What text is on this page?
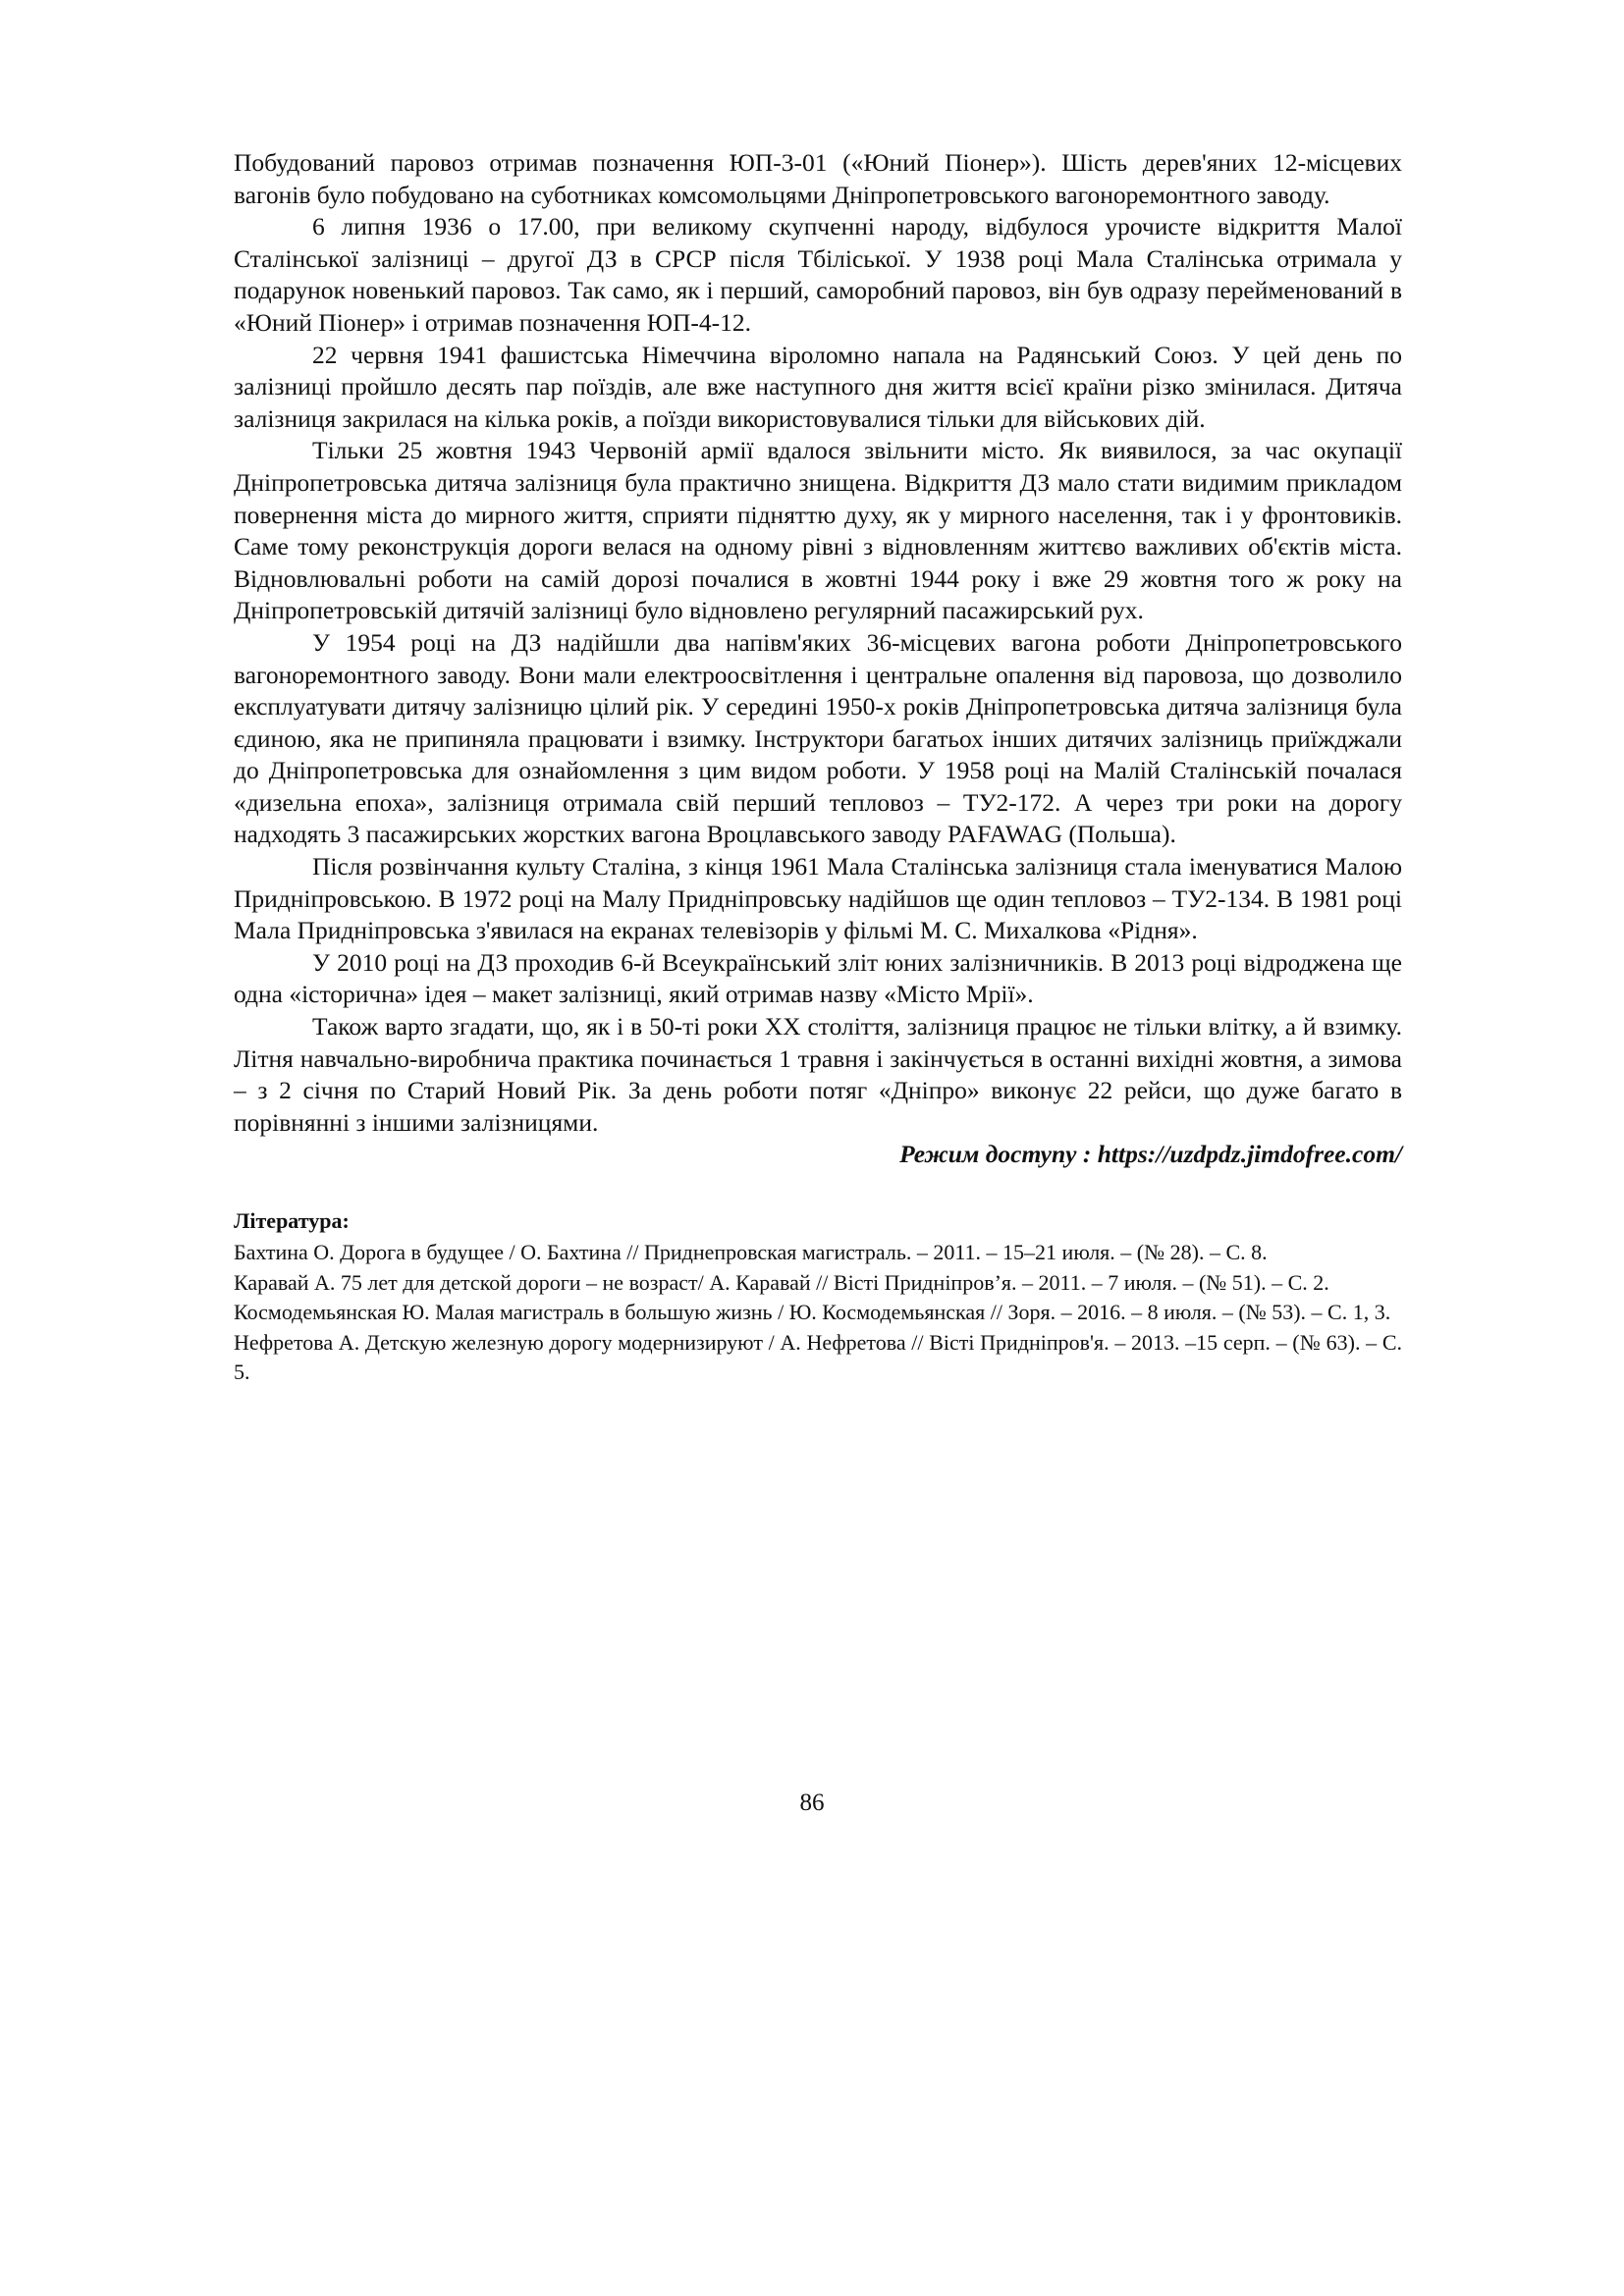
Побудований паровоз отримав позначення ЮП-3-01 («Юний Піонер»). Шість дерев'яних 12-місцевих вагонів було побудовано на суботниках комсомольцями Дніпропетровського вагоноремонтного заводу.

6 липня 1936 о 17.00, при великому скупченні народу, відбулося урочисте відкриття Малої Сталінської залізниці – другої ДЗ в СРСР після Тбіліської. У 1938 році Мала Сталінська отримала у подарунок новенький паровоз. Так само, як і перший, саморобний паровоз, він був одразу перейменований в «Юний Піонер» і отримав позначення ЮП-4-12.

22 червня 1941 фашистська Німеччина віроломно напала на Радянський Союз. У цей день по залізниці пройшло десять пар поїздів, але вже наступного дня життя всієї країни різко змінилася. Дитяча залізниця закрилася на кілька років, а поїзди використовувалися тільки для військових дій.

Тільки 25 жовтня 1943 Червоній армії вдалося звільнити місто. Як виявилося, за час окупації Дніпропетровська дитяча залізниця була практично знищена. Відкриття ДЗ мало стати видимим прикладом повернення міста до мирного життя, сприяти підняттю духу, як у мирного населення, так і у фронтовиків. Саме тому реконструкція дороги велася на одному рівні з відновленням життєво важливих об'єктів міста. Відновлювальні роботи на самій дорозі почалися в жовтні 1944 року і вже 29 жовтня того ж року на Дніпропетровській дитячій залізниці було відновлено регулярний пасажирський рух.

У 1954 році на ДЗ надійшли два напівм'яких 36-місцевих вагона роботи Дніпропетровського вагоноремонтного заводу. Вони мали електроосвітлення і центральне опалення від паровоза, що дозволило експлуатувати дитячу залізницю цілий рік. У середині 1950-х років Дніпропетровська дитяча залізниця була єдиною, яка не припиняла працювати і взимку. Інструктори багатьох інших дитячих залізниць приїжджали до Дніпропетровська для ознайомлення з цим видом роботи. У 1958 році на Малій Сталінській почалася «дизельна епоха», залізниця отримала свій перший тепловоз – ТУ2-172. А через три роки на дорогу надходять 3 пасажирських жорстких вагона Вроцлавського заводу PAFAWAG (Польша).

Після розвінчання культу Сталіна, з кінця 1961 Мала Сталінська залізниця стала іменуватися Малою Придніпровською. В 1972 році на Малу Придніпровську надійшов ще один тепловоз – ТУ2-134. В 1981 році Мала Придніпровська з'явилася на екранах телевізорів у фільмі М. С. Михалкова «Рідня».

У 2010 році на ДЗ проходив 6-й Всеукраїнський зліт юних залізничників. В 2013 році відроджена ще одна «історична» ідея – макет залізниці, який отримав назву «Місто Мрії».

Також варто згадати, що, як і в 50-ті роки ХХ століття, залізниця працює не тільки влітку, а й взимку. Літня навчально-виробнича практика починається 1 травня і закінчується в останні вихідні жовтня, а зимова – з 2 січня по Старий Новий Рік. За день роботи потяг «Дніпро» виконує 22 рейси, що дуже багато в порівнянні з іншими залізницями.

Режим доступу : https://uzdpdz.jimdofree.com/

Література:
Бахтина О. Дорога в будущее / О. Бахтина // Приднепровская магистраль. – 2011. – 15–21 июля. – (№ 28). – С. 8.
Каравай А. 75 лет для детской дороги – не возраст/ А. Каравай // Вісті Придніпров’я. – 2011. – 7 июля. – (№ 51). – С. 2.
Космодемьянская Ю. Малая магистраль в большую жизнь / Ю. Космодемьянская // Зоря. – 2016. – 8 июля. – (№ 53). – С. 1, 3.
Нефретова А. Детскую железную дорогу модернизируют / А. Нефретова // Вісті Придніпров'я. – 2013. –15 серп. – (№ 63). – С. 5.
86
